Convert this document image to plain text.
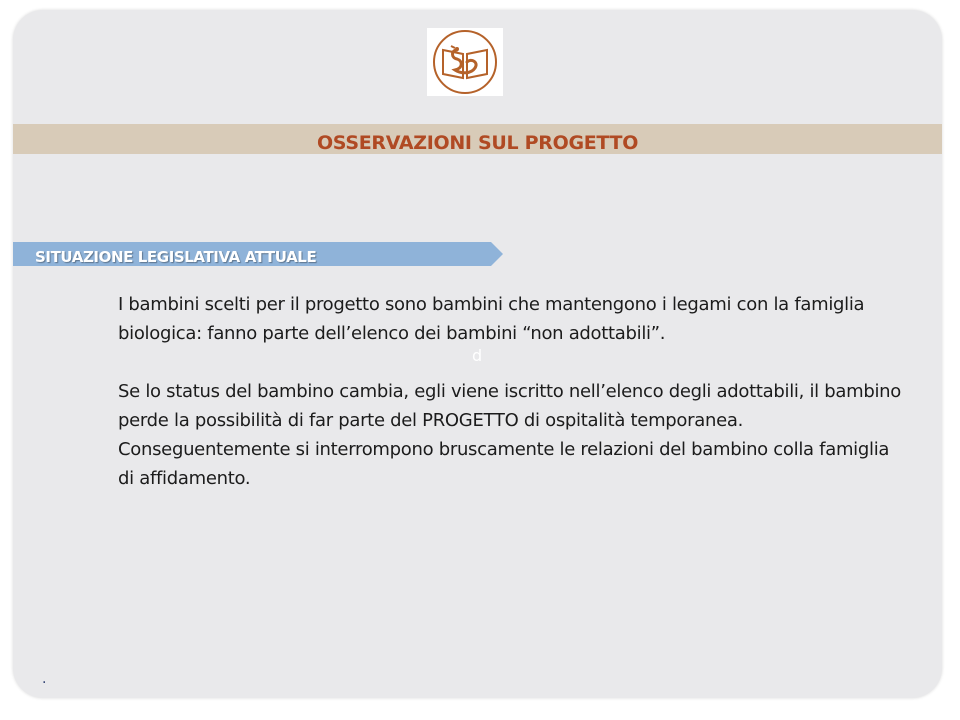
OSSERVAZIONI SUL PROGETTO
SITUAZIONE LEGISLATIVA ATTUALE
I bambini scelti per il progetto sono bambini che mantengono i legami con la famiglia biologica: fanno parte dell’elenco dei bambini “non adottabili”.
d
Se lo status del bambino cambia, egli viene iscritto nell’elenco degli adottabili, il bambino perde la possibilità di far parte del PROGETTO di ospitalità temporanea. Conseguentemente si interrompono bruscamente le relazioni del bambino colla famiglia di affidamento.
.
